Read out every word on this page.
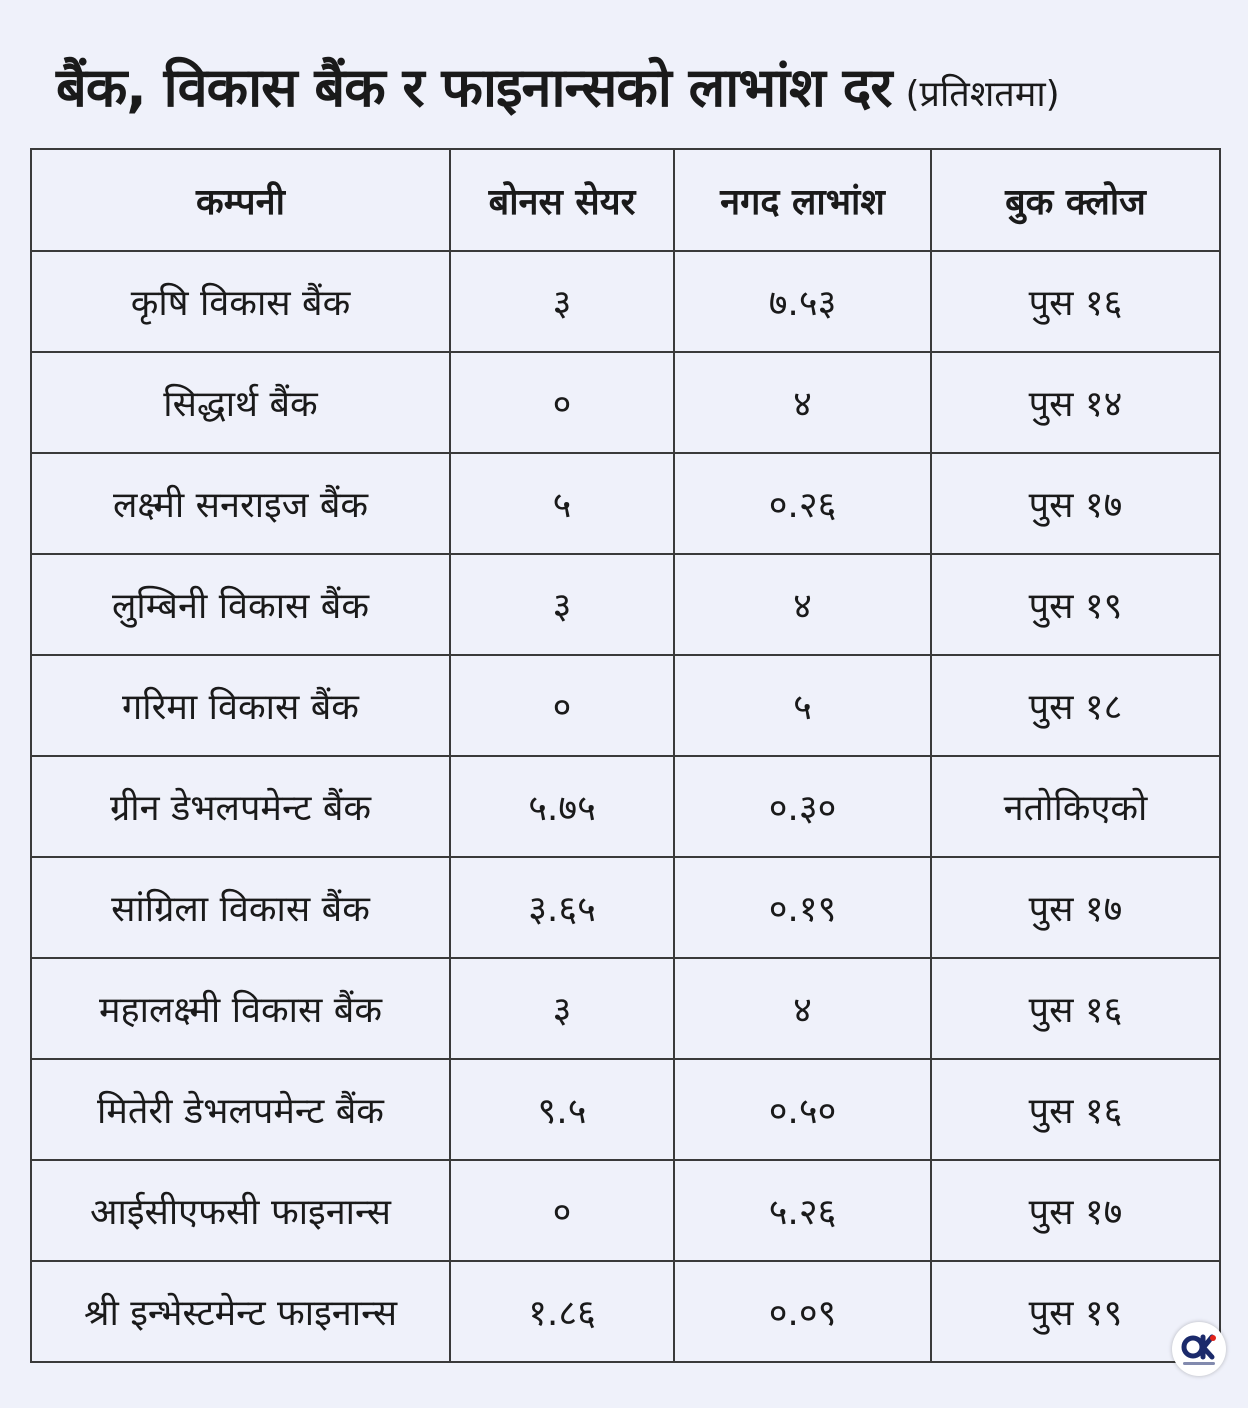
बैंक, विकास बैंक र फाइनान्सको लाभांश दर (प्रतिशतमा)
कम्पनी	बोनस सेयर	नगद लाभांश	बुक क्लोज
कृषि विकास बैंक	३	७.५३	पुस १६
सिद्धार्थ बैंक	०	४	पुस १४
लक्ष्मी सनराइज बैंक	५	०.२६	पुस १७
लुम्बिनी विकास बैंक	३	४	पुस १९
गरिमा विकास बैंक	०	५	पुस १८
ग्रीन डेभलपमेन्ट बैंक	५.७५	०.३०	नतोकिएको
सांग्रिला विकास बैंक	३.६५	०.१९	पुस १७
महालक्ष्मी विकास बैंक	३	४	पुस १६
मितेरी डेभलपमेन्ट बैंक	९.५	०.५०	पुस १६
आईसीएफसी फाइनान्स	०	५.२६	पुस १७
श्री इन्भेस्टमेन्ट फाइनान्स	१.८६	०.०९	पुस १९
